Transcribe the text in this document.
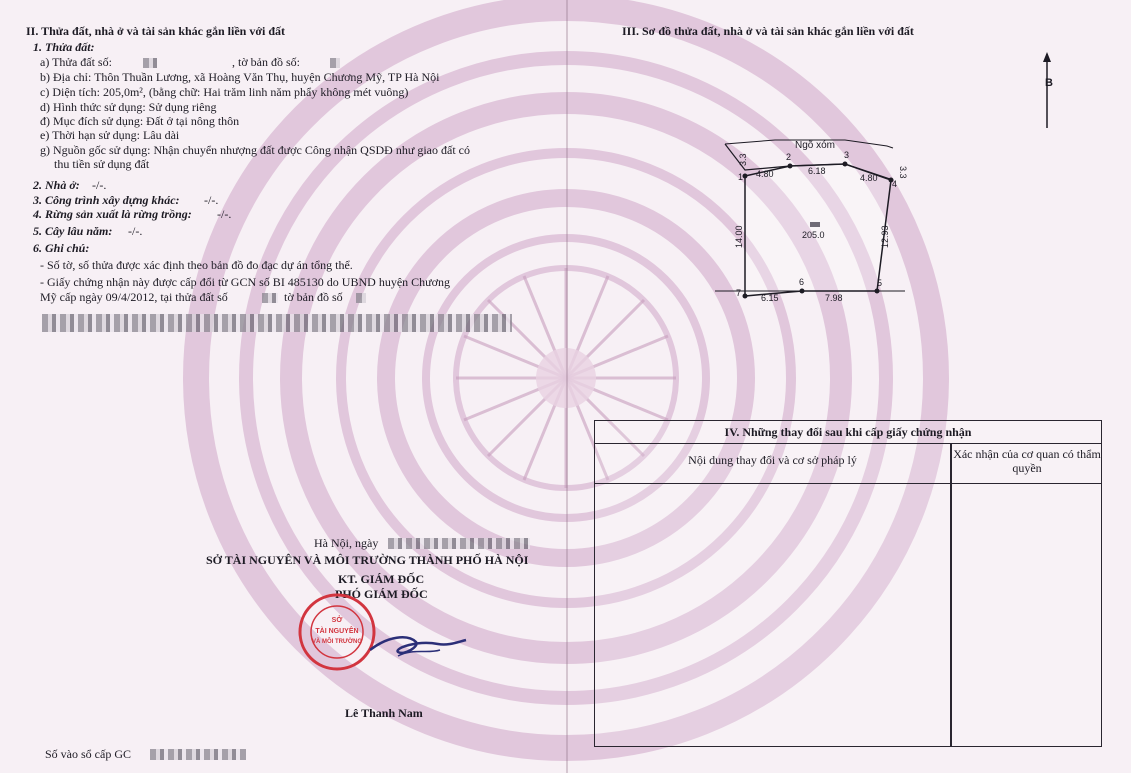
II. Thửa đất, nhà ở và tài sản khác gắn liền với đất
1. Thửa đất:
a) Thửa đất số:	, tờ bản đồ số:
b) Địa chỉ: Thôn Thuần Lương, xã Hoàng Văn Thụ, huyện Chương Mỹ, TP Hà Nội
c) Diện tích: 205,0m², (bằng chữ: Hai trăm linh năm phẩy không mét vuông)
d) Hình thức sử dụng: Sử dụng riêng
đ) Mục đích sử dụng: Đất ở tại nông thôn
e) Thời hạn sử dụng: Lâu dài
g) Nguồn gốc sử dụng: Nhận chuyển nhượng đất được Công nhận QSDĐ như giao đất có
thu tiền sử dụng đất
2. Nhà ở: -/-.
3. Công trình xây dựng khác: -/-.
4. Rừng sản xuất là rừng trồng: -/-.
5. Cây lâu năm: -/-.
6. Ghi chú:
- Số tờ, số thửa được xác định theo bản đồ đo đạc dự án tổng thể.
- Giấy chứng nhận này được cấp đổi từ GCN số BI 485130 do UBND huyện Chương
Mỹ cấp ngày 09/4/2012, tại thửa đất số	tờ bản đồ số
Hà Nội, ngày
SỞ TÀI NGUYÊN VÀ MÔI TRƯỜNG THÀNH PHỐ HÀ NỘI
KT. GIÁM ĐỐC
PHÓ GIÁM ĐỐC
SỞ
TÀI NGUYÊN
VÀ MÔI TRƯỜNG
Lê Thanh Nam
Số vào sổ cấp GC
III. Sơ đồ thửa đất, nhà ở và tài sản khác gắn liền với đất
B
Ngõ xóm
1
2	3
4
5
6
7
4.80	6.18
4.80
12.93
7.98
6.15
14.00
3.3
3.3
205.0
IV. Những thay đổi sau khi cấp giấy chứng nhận
Nội dung thay đổi và cơ sở pháp lý	Xác nhận của cơ quan có thẩm quyền
